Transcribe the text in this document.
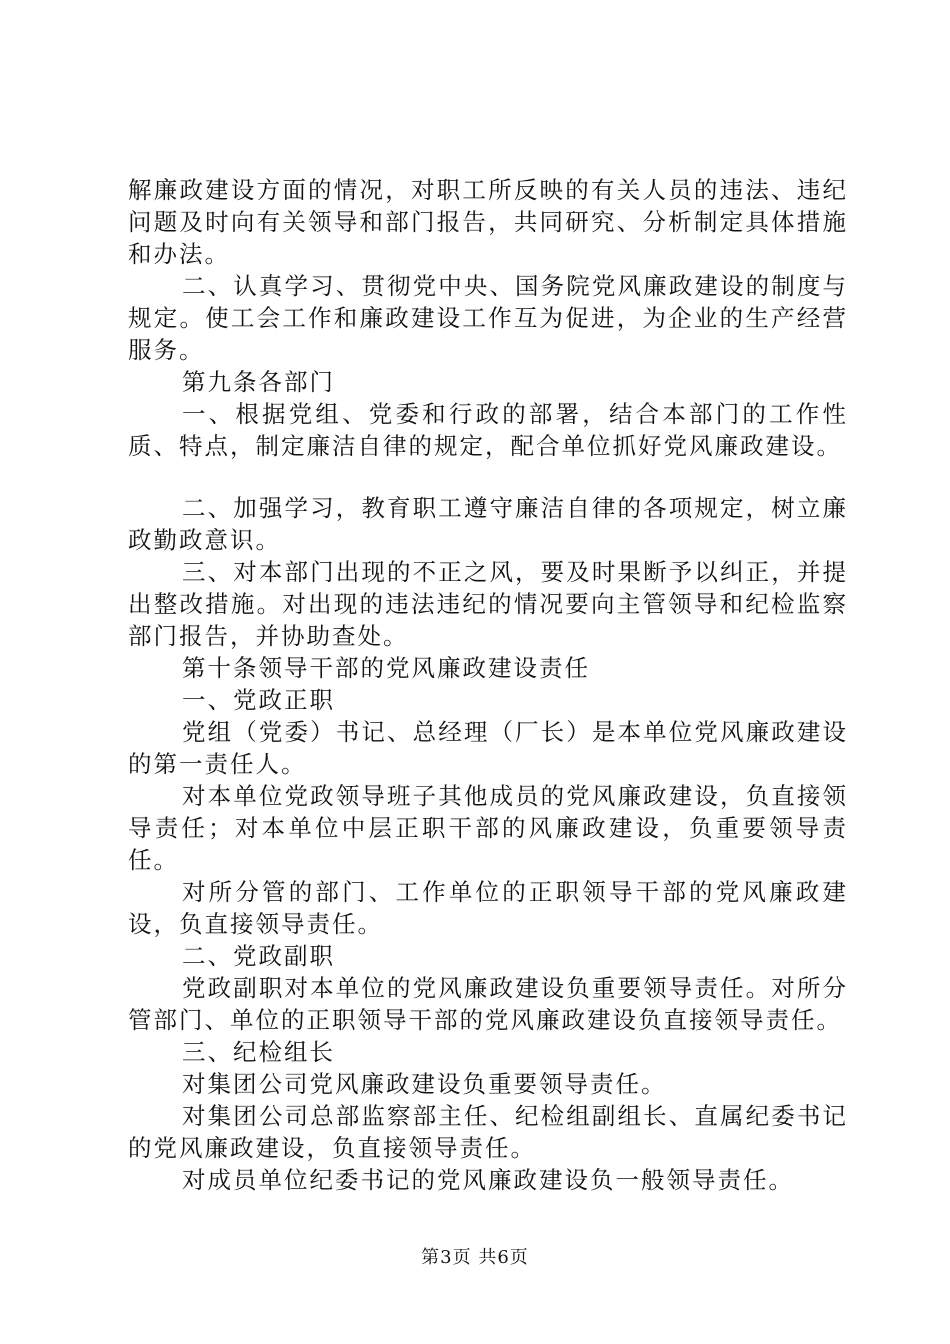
解廉政建设方面的情况，对职工所反映的有关人员的违法、违纪问题及时向有关领导和部门报告，共同研究、分析制定具体措施和办法。

二、认真学习、贯彻党中央、国务院党风廉政建设的制度与规定。使工会工作和廉政建设工作互为促进，为企业的生产经营服务。

第九条各部门

一、根据党组、党委和行政的部署，结合本部门的工作性质、特点，制定廉洁自律的规定，配合单位抓好党风廉政建设。

二、加强学习，教育职工遵守廉洁自律的各项规定，树立廉政勤政意识。

三、对本部门出现的不正之风，要及时果断予以纠正，并提出整改措施。对出现的违法违纪的情况要向主管领导和纪检监察部门报告，并协助查处。

第十条领导干部的党风廉政建设责任

一、党政正职

党组（党委）书记、总经理（厂长）是本单位党风廉政建设的第一责任人。

对本单位党政领导班子其他成员的党风廉政建设，负直接领导责任；对本单位中层正职干部的风廉政建设，负重要领导责任。

对所分管的部门、工作单位的正职领导干部的党风廉政建设，负直接领导责任。

二、党政副职

党政副职对本单位的党风廉政建设负重要领导责任。对所分管部门、单位的正职领导干部的党风廉政建设负直接领导责任。

三、纪检组长

对集团公司党风廉政建设负重要领导责任。

对集团公司总部监察部主任、纪检组副组长、直属纪委书记的党风廉政建设，负直接领导责任。

对成员单位纪委书记的党风廉政建设负一般领导责任。

第3页 共6页
